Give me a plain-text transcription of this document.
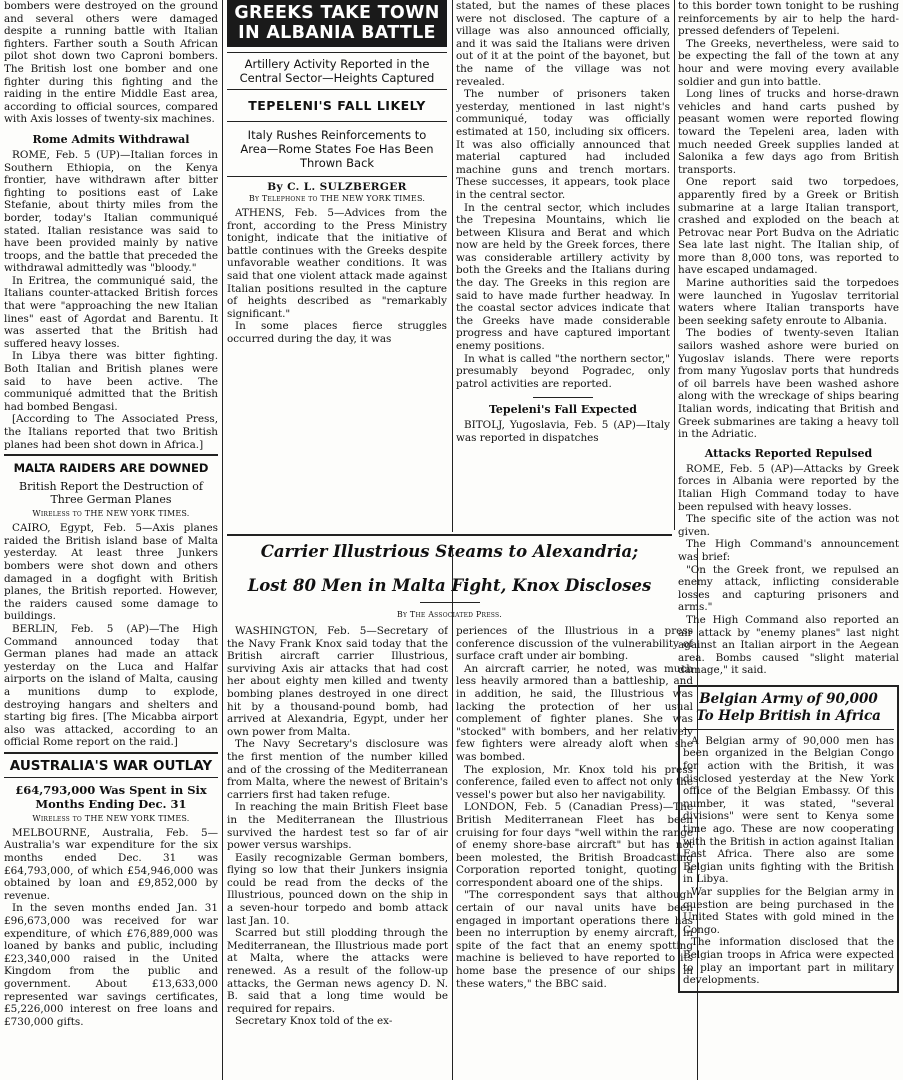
bombers were destroyed on the ground and several others were damaged despite a running battle with Italian fighters. Farther south a South African pilot shot down two Caproni bombers. The British lost one bomber and one fighter during this fighting and the raiding in the entire Middle East area, according to official sources, compared with Axis losses of twenty-six machines.

Rome Admits Withdrawal

ROME, Feb. 5 (UP)—Italian forces in Southern Ethiopia, on the Kenya frontier, have withdrawn after bitter fighting to positions east of Lake Stefanie, about thirty miles from the border, today's Italian communiqué stated. Italian resistance was said to have been provided mainly by native troops, and the battle that preceded the withdrawal admittedly was "bloody."

In Eritrea, the communiqué said, the Italians counter-attacked British forces that were "approaching the new Italian lines" east of Agordat and Barentu. It was asserted that the British had suffered heavy losses.

In Libya there was bitter fighting. Both Italian and British planes were said to have been active. The communiqué admitted that the British had bombed Bengasi.

[According to The Associated Press, the Italians reported that two British planes had been shot down in Africa.]

MALTA RAIDERS ARE DOWNED
British Report the Destruction of Three German Planes
Wireless to THE NEW YORK TIMES.

CAIRO, Egypt, Feb. 5—Axis planes raided the British island base of Malta yesterday. At least three Junkers bombers were shot down and others damaged in a dogfight with British planes, the British reported. However, the raiders caused some damage to buildings.

BERLIN, Feb. 5 (AP)—The High Command announced today that German planes had made an attack yesterday on the Luca and Halfar airports on the island of Malta, causing a munitions dump to explode, destroying hangars and shelters and starting big fires. [The Micabba airport also was attacked, according to an official Rome report on the raid.]

AUSTRALIA'S WAR OUTLAY
£64,793,000 Was Spent in Six Months Ending Dec. 31
Wireless to THE NEW YORK TIMES.

MELBOURNE, Australia, Feb. 5—Australia's war expenditure for the six months ended Dec. 31 was £64,793,000, of which £54,946,000 was obtained by loan and £9,852,000 by revenue.

In the seven months ended Jan. 31 £96,673,000 was received for war expenditure, of which £76,889,000 was loaned by banks and public, including £23,340,000 raised in the United Kingdom from the public and government. About £13,633,000 represented war savings certificates, £5,226,000 interest on free loans and £730,000 gifts.

GREEKS TAKE TOWN IN ALBANIA BATTLE
Artillery Activity Reported in the Central Sector—Heights Captured
TEPELENI'S FALL LIKELY
Italy Rushes Reinforcements to Area—Rome States Foe Has Been Thrown Back
By C. L. SULZBERGER
By Telephone to THE NEW YORK TIMES.

ATHENS, Feb. 5—Advices from the front, according to the Press Ministry tonight, indicate that the initiative of battle continues with the Greeks despite unfavorable weather conditions. It was said that one violent attack made against Italian positions resulted in the capture of heights described as "remarkably significant."

In some places fierce struggles occurred during the day, it was

stated, but the names of these places were not disclosed. The capture of a village was also announced officially, and it was said the Italians were driven out of it at the point of the bayonet, but the name of the village was not revealed.

The number of prisoners taken yesterday, mentioned in last night's communiqué, today was officially estimated at 150, including six officers. It was also officially announced that material captured had included machine guns and trench mortars. These successes, it appears, took place in the central sector.

In the central sector, which includes the Trepesina Mountains, which lie between Klisura and Berat and which now are held by the Greek forces, there was considerable artillery activity by both the Greeks and the Italians during the day. The Greeks in this region are said to have made further headway. In the coastal sector advices indicate that the Greeks have made considerable progress and have captured important enemy positions.

In what is called "the northern sector," presumably beyond Pogradec, only patrol activities are reported.

Tepeleni's Fall Expected

BITOLJ, Yugoslavia, Feb. 5 (AP)—Italy was reported in dispatches

to this border town tonight to be rushing reinforcements by air to help the hard-pressed defenders of Tepeleni.

The Greeks, nevertheless, were said to be expecting the fall of the town at any hour and were moving every available soldier and gun into battle.

Long lines of trucks and horse-drawn vehicles and hand carts pushed by peasant women were reported flowing toward the Tepeleni area, laden with much needed Greek supplies landed at Salonika a few days ago from British transports.

One report said two torpedoes, apparently fired by a Greek or British submarine at a large Italian transport, crashed and exploded on the beach at Petrovac near Port Budva on the Adriatic Sea late last night. The Italian ship, of more than 8,000 tons, was reported to have escaped undamaged.

Marine authorities said the torpedoes were launched in Yugoslav territorial waters where Italian transports have been seeking safety enroute to Albania.

The bodies of twenty-seven Italian sailors washed ashore were buried on Yugoslav islands. There were reports from many Yugoslav ports that hundreds of oil barrels have been washed ashore along with the wreckage of ships bearing Italian words, indicating that British and Greek submarines are taking a heavy toll in the Adriatic.

Attacks Reported Repulsed

ROME, Feb. 5 (AP)—Attacks by Greek forces in Albania were reported by the Italian High Command today to have been repulsed with heavy losses.

The specific site of the action was not given.

The High Command's announcement was brief:

"On the Greek front, we repulsed an enemy attack, inflicting considerable losses and capturing prisoners and arms."

The High Command also reported an air attack by "enemy planes" last night against an Italian airport in the Aegean area. Bombs caused "slight material damage," it said.

Belgian Army of 90,000
To Help British in Africa

A Belgian army of 90,000 men has been organized in the Belgian Congo for action with the British, it was disclosed yesterday at the New York office of the Belgian Embassy. Of this number, it was stated, "several divisions" were sent to Kenya some time ago. These are now cooperating with the British in action against Italian East Africa. There also are some Belgian units fighting with the British in Libya.

War supplies for the Belgian army in question are being purchased in the United States with gold mined in the Congo.

The information disclosed that the Belgian troops in Africa were expected to play an important part in military developments.

Carrier Illustrious Steams to Alexandria;
Lost 80 Men in Malta Fight, Knox Discloses
By The Associated Press.

WASHINGTON, Feb. 5—Secretary of the Navy Frank Knox said today that the British aircraft carrier Illustrious, surviving Axis air attacks that had cost her about eighty men killed and twenty bombing planes destroyed in one direct hit by a thousand-pound bomb, had arrived at Alexandria, Egypt, under her own power from Malta.

The Navy Secretary's disclosure was the first mention of the number killed and of the crossing of the Mediterranean from Malta, where the newest of Britain's carriers first had taken refuge.

In reaching the main British Fleet base in the Mediterranean the Illustrious survived the hardest test so far of air power versus warships.

Easily recognizable German bombers, flying so low that their Junkers insignia could be read from the decks of the Illustrious, pounced down on the ship in a seven-hour torpedo and bomb attack last Jan. 10.

Scarred but still plodding through the Mediterranean, the Illustrious made port at Malta, where the attacks were renewed. As a result of the follow-up attacks, the German news agency D. N. B. said that a long time would be required for repairs.

Secretary Knox told of the ex-

periences of the Illustrious in a press conference discussion of the vulnerability of surface craft under air bombing.

An aircraft carrier, he noted, was much less heavily armored than a battleship, and in addition, he said, the Illustrious was lacking the protection of her usual complement of fighter planes. She was "stocked" with bombers, and her relatively few fighters were already aloft when she was bombed.

The explosion, Mr. Knox told his press conference, failed even to affect not only the vessel's power but also her navigability.

LONDON, Feb. 5 (Canadian Press)—The British Mediterranean Fleet has been cruising for four days "well within the range of enemy shore-base aircraft" but has not been molested, the British Broadcasting Corporation reported tonight, quoting a correspondent aboard one of the ships.

"The correspondent says that although certain of our naval units have been engaged in important operations there has been no interruption by enemy aircraft, in spite of the fact that an enemy spotting machine is believed to have reported to its home base the presence of our ships in these waters," the BBC said.
